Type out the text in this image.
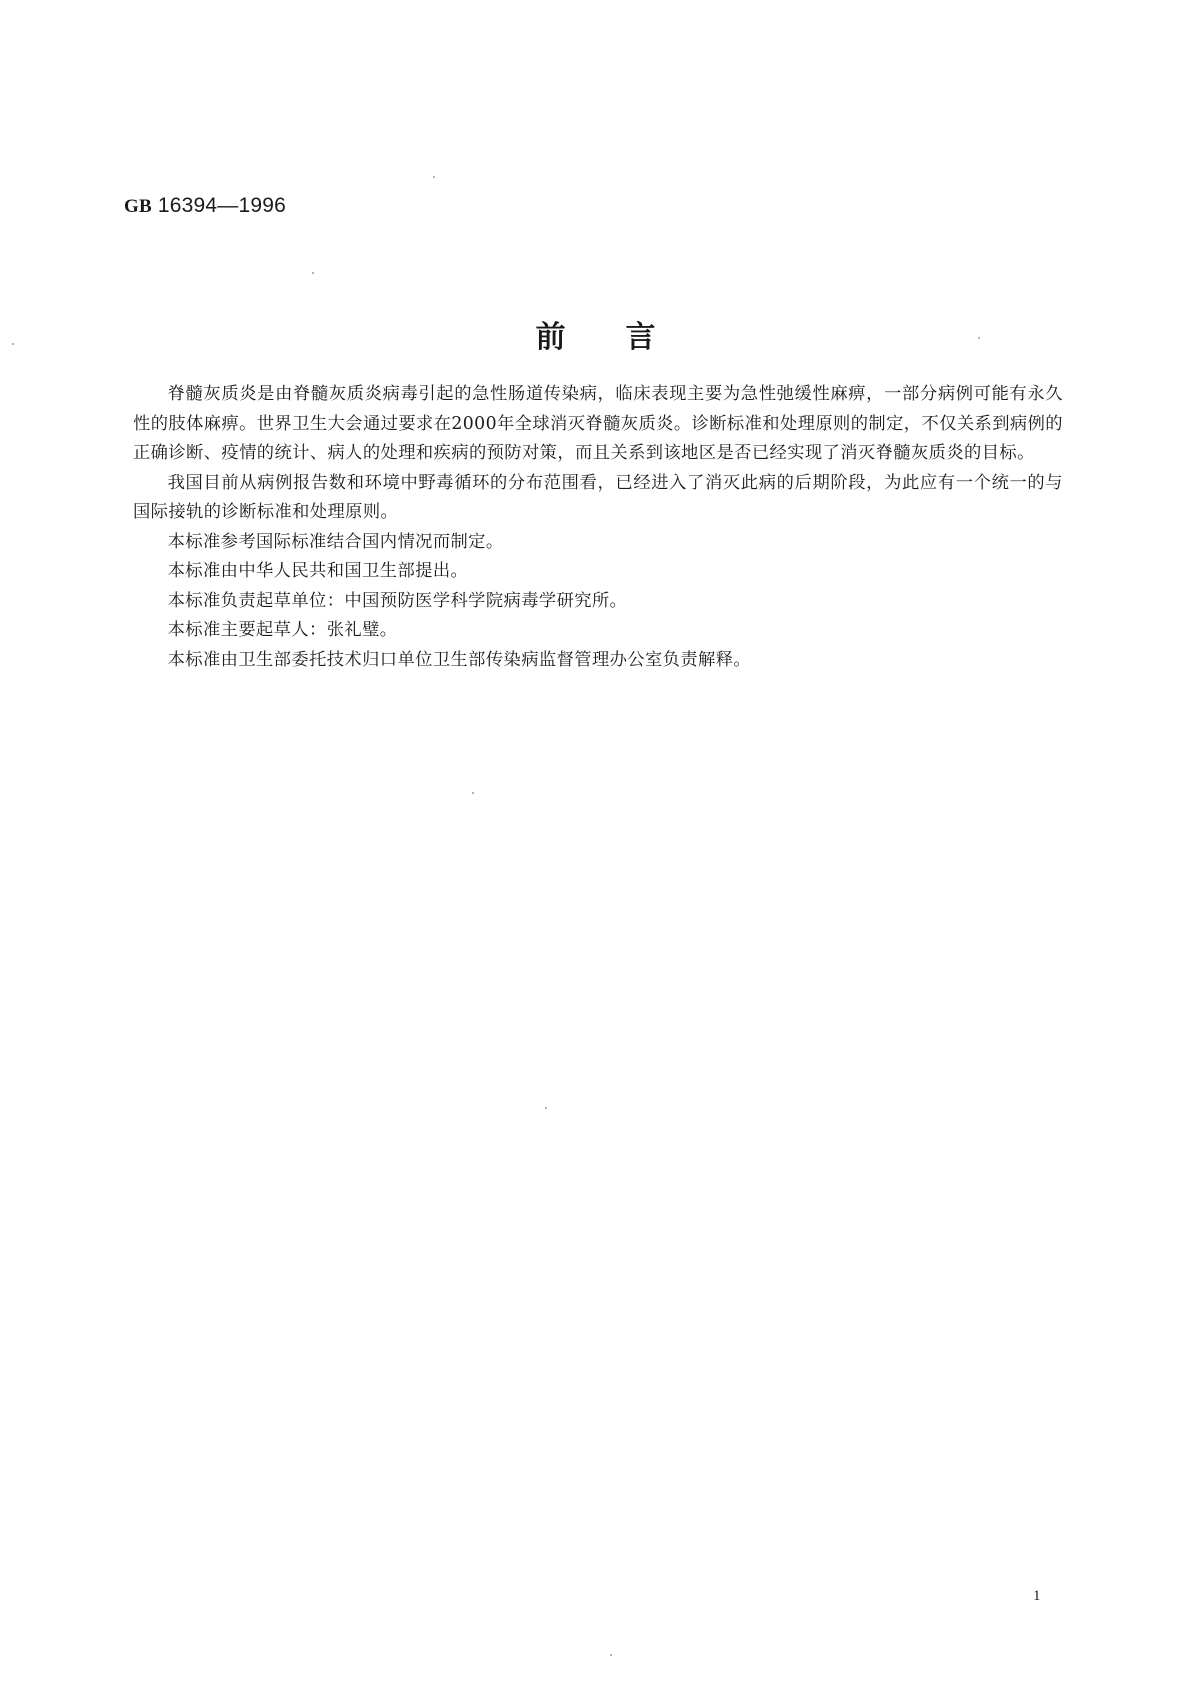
GB 16394—1996
前言

脊髓灰质炎是由脊髓灰质炎病毒引起的急性肠道传染病，临床表现主要为急性弛缓性麻痹，一部分病例可能有永久性的肢体麻痹。世界卫生大会通过要求在2000年全球消灭脊髓灰质炎。诊断标准和处理原则的制定，不仅关系到病例的正确诊断、疫情的统计、病人的处理和疾病的预防对策，而且关系到该地区是否已经实现了消灭脊髓灰质炎的目标。

我国目前从病例报告数和环境中野毒循环的分布范围看，已经进入了消灭此病的后期阶段，为此应有一个统一的与国际接轨的诊断标准和处理原则。

本标准参考国际标准结合国内情况而制定。

本标准由中华人民共和国卫生部提出。

本标准负责起草单位：中国预防医学科学院病毒学研究所。

本标准主要起草人：张礼璧。

本标准由卫生部委托技术归口单位卫生部传染病监督管理办公室负责解释。

1
